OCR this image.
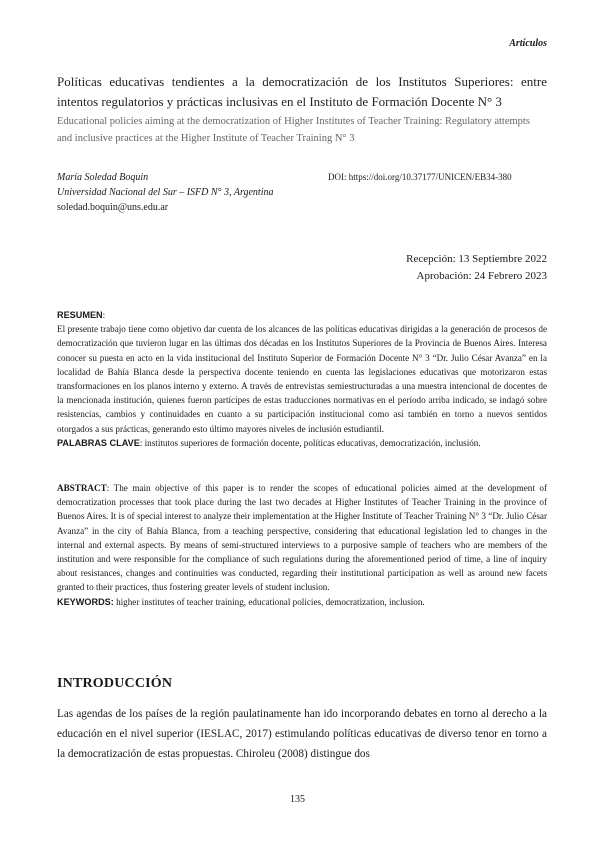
Artículos
Políticas educativas tendientes a la democratización de los Institutos Superiores: entre intentos regulatorios y prácticas inclusivas en el Instituto de Formación Docente N° 3
Educational policies aiming at the democratization of Higher Institutes of Teacher Training: Regulatory attempts and inclusive practices at the Higher Institute of Teacher Training N° 3
María Soledad Boquin
Universidad Nacional del Sur – ISFD N° 3, Argentina
soledad.boquin@uns.edu.ar
DOI: https://doi.org/10.37177/UNICEN/EB34-380
Recepción: 13 Septiembre 2022
Aprobación: 24 Febrero 2023

RESUMEN:
El presente trabajo tiene como objetivo dar cuenta de los alcances de las políticas educativas dirigidas a la generación de procesos de democratización que tuvieron lugar en las últimas dos décadas en los Institutos Superiores de la Provincia de Buenos Aires. Interesa conocer su puesta en acto en la vida institucional del Instituto Superior de Formación Docente N° 3 “Dr. Julio César Avanza” en la localidad de Bahía Blanca desde la perspectiva docente teniendo en cuenta las legislaciones educativas que motorizaron estas transformaciones en los planos interno y externo. A través de entrevistas semiestructuradas a una muestra intencional de docentes de la mencionada institución, quienes fueron partícipes de estas traducciones normativas en el período arriba indicado, se indagó sobre resistencias, cambios y continuidades en cuanto a su participación institucional como así también en torno a nuevos sentidos otorgados a sus prácticas, generando esto último mayores niveles de inclusión estudiantil.

PALABRAS CLAVE: institutos superiores de formación docente, políticas educativas, democratización, inclusión.

ABSTRACT: The main objective of this paper is to render the scopes of educational policies aimed at the development of democratization processes that took place during the last two decades at Higher Institutes of Teacher Training in the province of Buenos Aires. It is of special interest to analyze their implementation at the Higher Institute of Teacher Training N° 3 “Dr. Julio César Avanza” in the city of Bahía Blanca, from a teaching perspective, considering that educational legislation led to changes in the internal and external aspects. By means of semi-structured interviews to a purposive sample of teachers who are members of the institution and were responsible for the compliance of such regulations during the aforementioned period of time, a line of inquiry about resistances, changes and continuities was conducted, regarding their institutional participation as well as around new facets granted to their practices, thus fostering greater levels of student inclusion.

KEYWORDS: higher institutes of teacher training, educational policies, democratization, inclusion.

INTRODUCCIÓN
Las agendas de los países de la región paulatinamente han ido incorporando debates en torno al derecho a la educación en el nivel superior (IESLAC, 2017) estimulando políticas educativas de diverso tenor en torno a la democratización de estas propuestas. Chiroleu (2008) distingue dos
135
